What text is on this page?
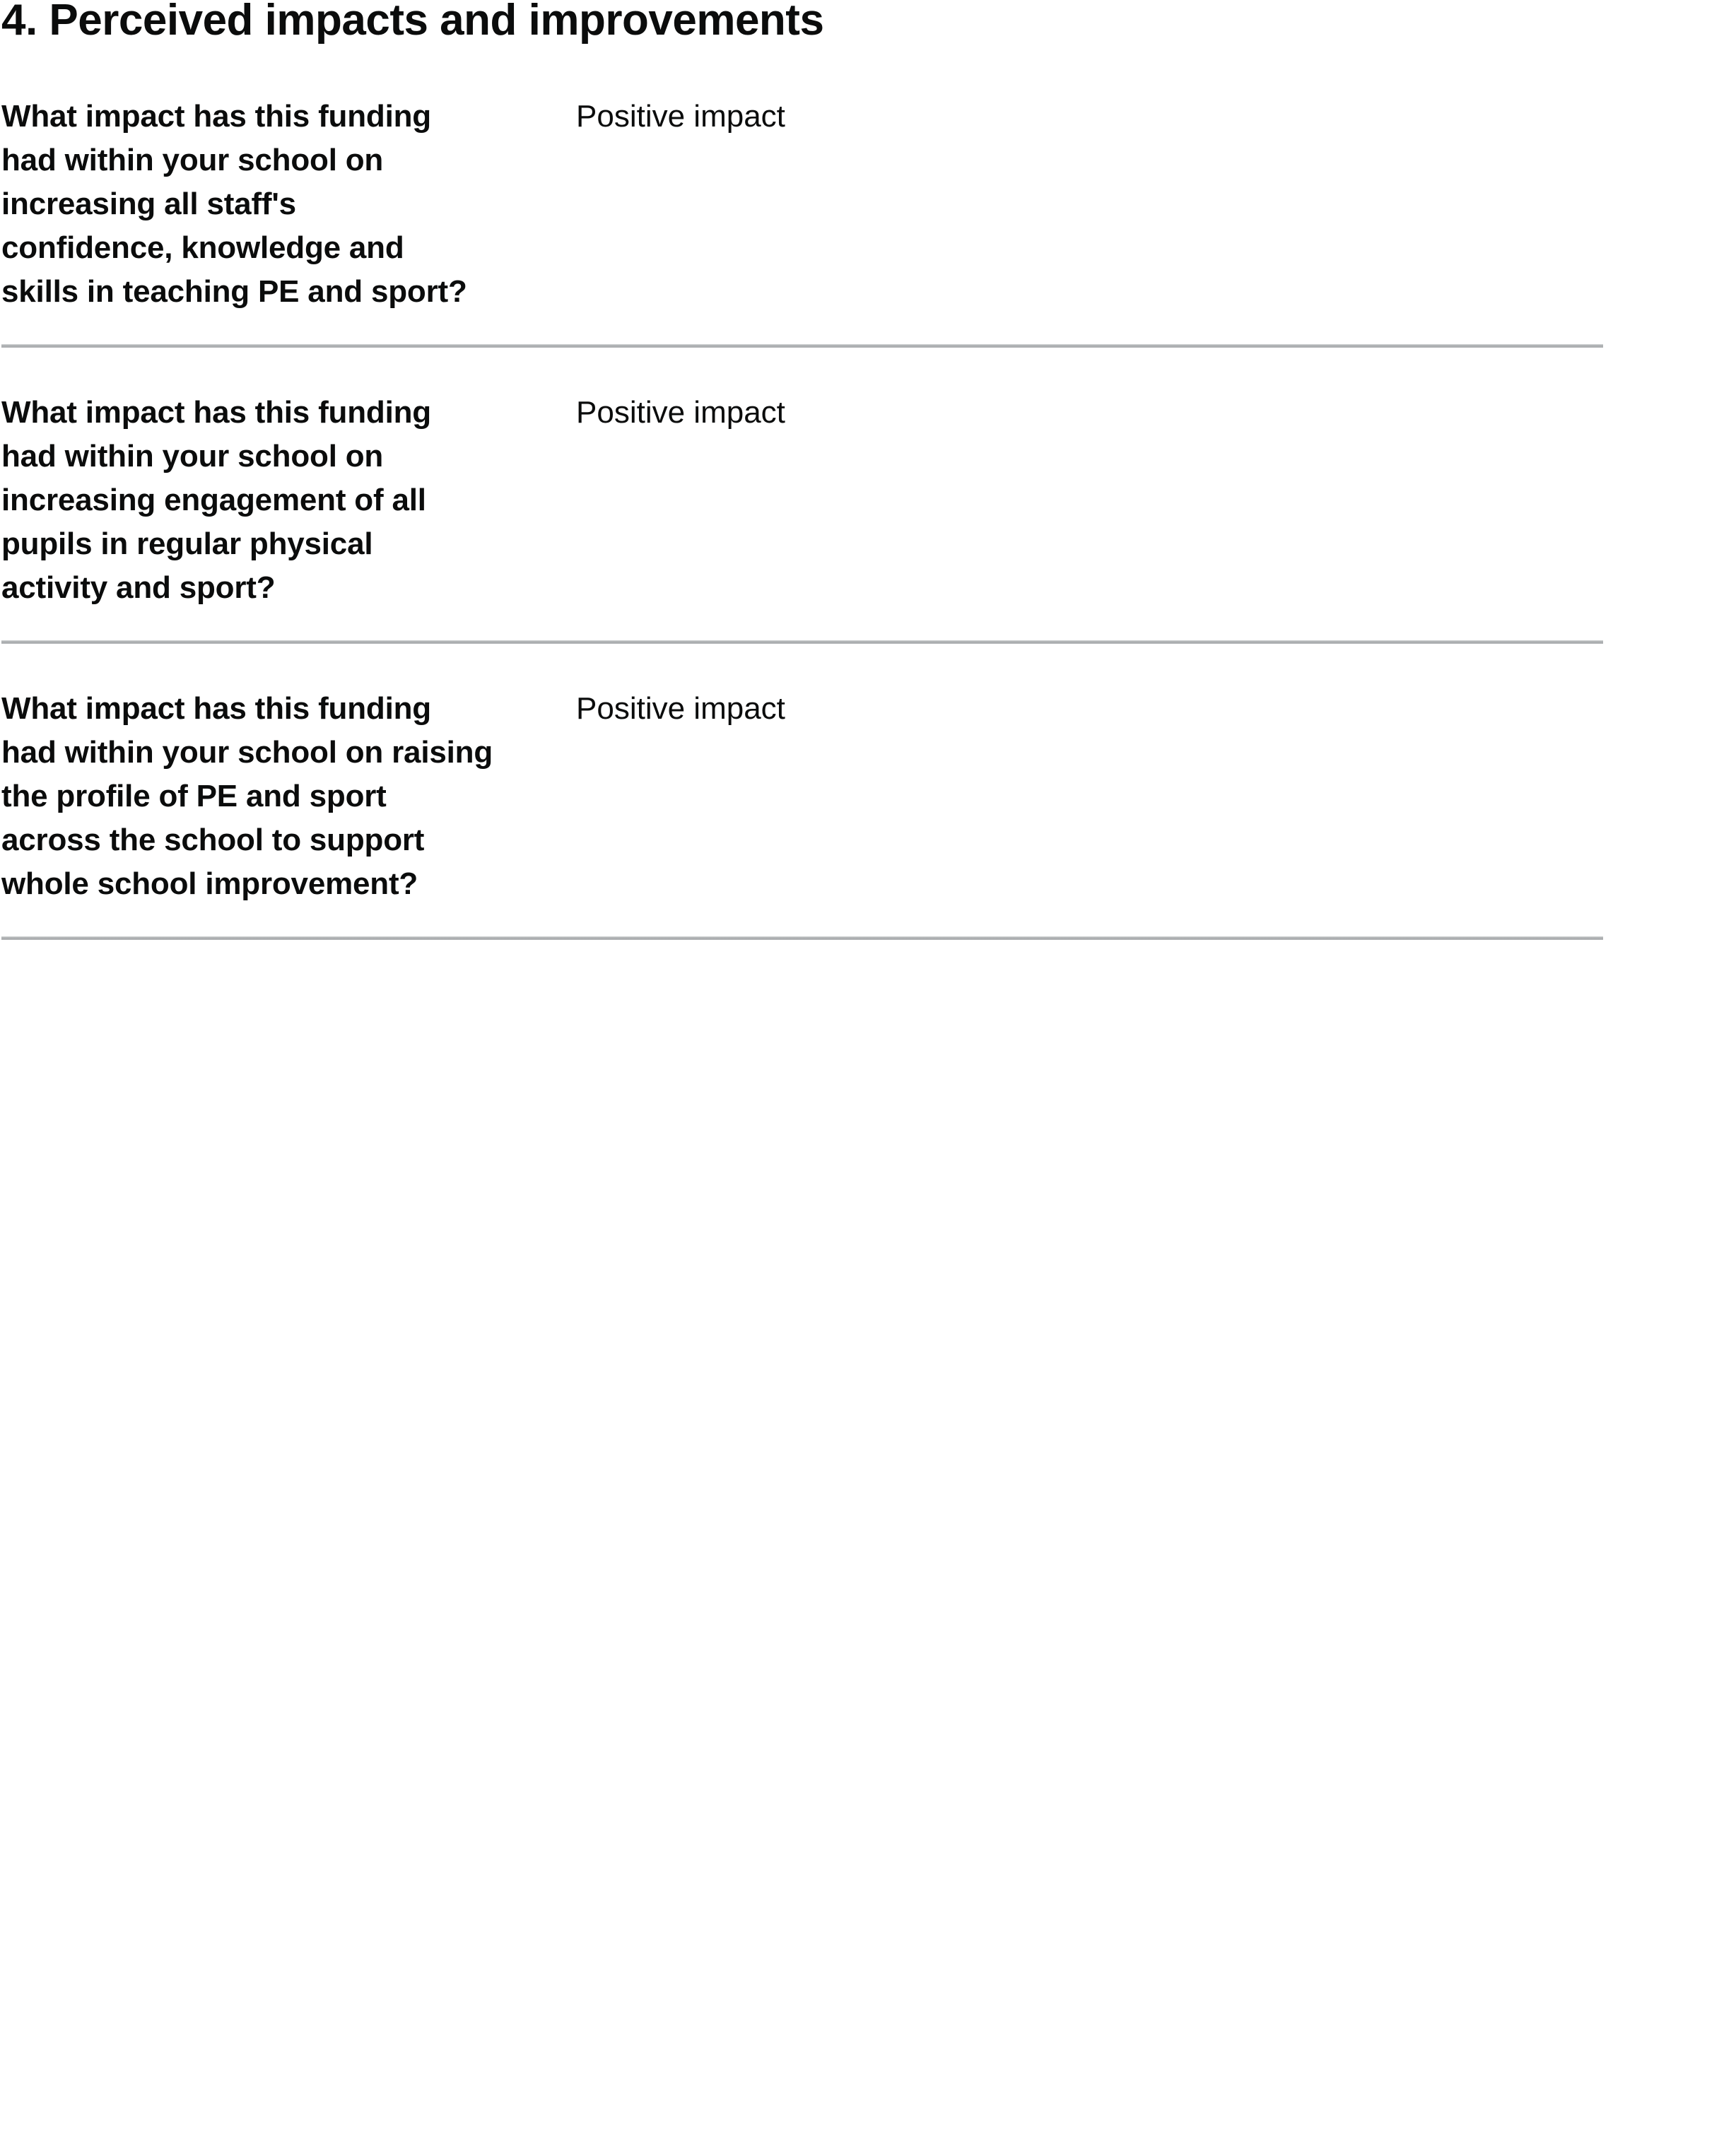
4. Perceived impacts and improvements
What impact has this funding
had within your school on
increasing all staff's
confidence, knowledge and
skills in teaching PE and sport?
Positive impact
What impact has this funding
had within your school on
increasing engagement of all
pupils in regular physical
activity and sport?
Positive impact
What impact has this funding
had within your school on raising
the profile of PE and sport
across the school to support
whole school improvement?
Positive impact
